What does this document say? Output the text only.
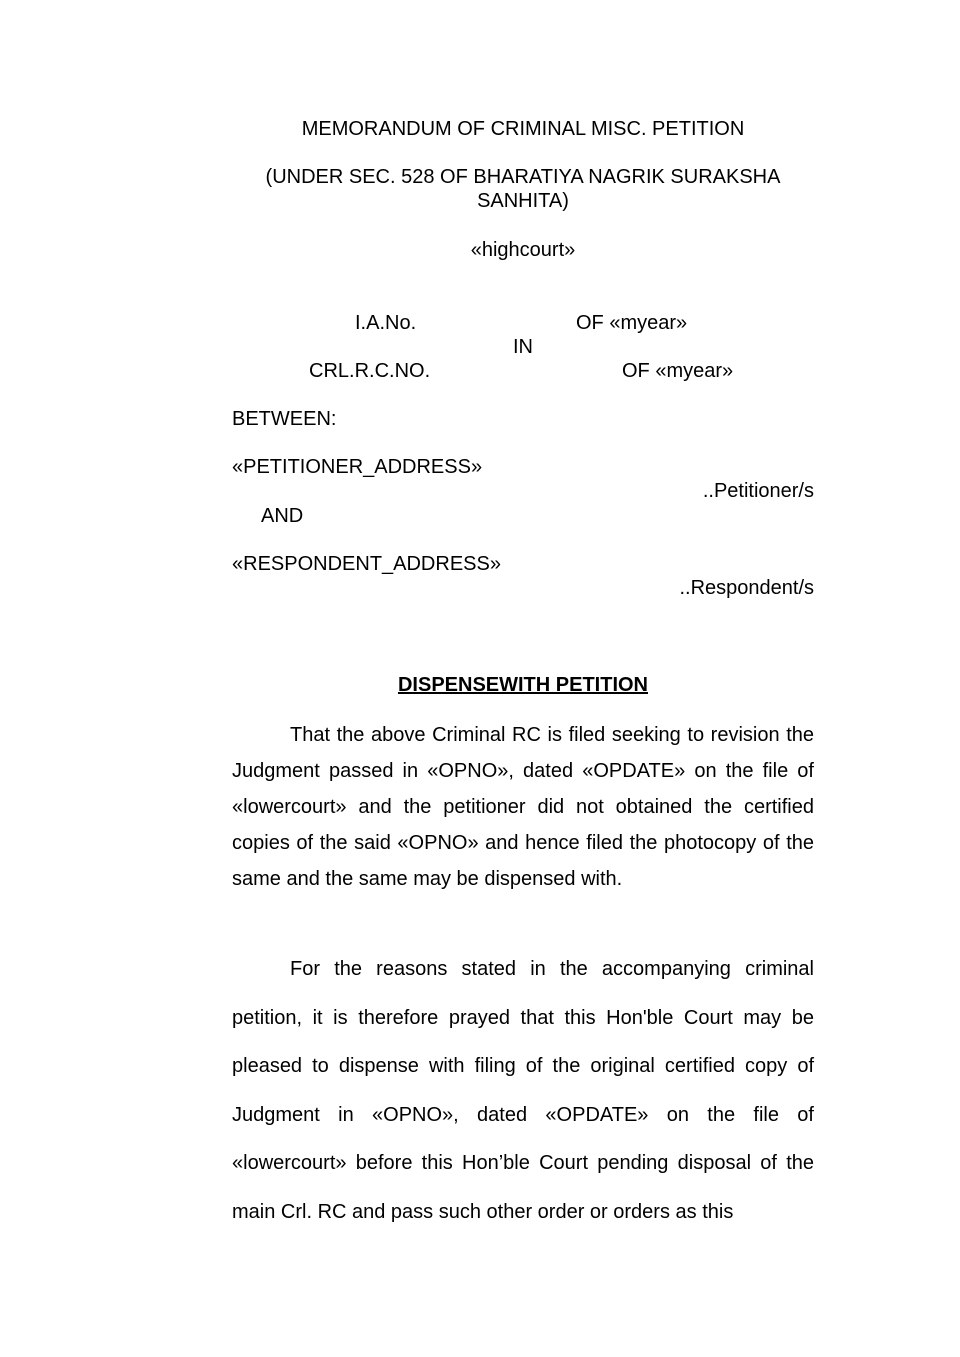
MEMORANDUM OF CRIMINAL MISC. PETITION
(UNDER SEC. 528 OF BHARATIYA NAGRIK SURAKSHA SANHITA)
«highcourt»
I.A.No.	OF «myear»
IN
CRL.R.C.NO.	OF «myear»
BETWEEN:
«PETITIONER_ADDRESS»
..Petitioner/s
AND
«RESPONDENT_ADDRESS»
..Respondent/s
DISPENSEWITH PETITION
That the above Criminal RC is filed seeking to revision the Judgment passed in «OPNO», dated «OPDATE» on the file of «lowercourt» and the petitioner did not obtained the certified copies of the said «OPNO» and hence filed the photocopy of the same and the same may be dispensed with.
For the reasons stated in the accompanying criminal petition, it is therefore prayed that this Hon'ble Court may be pleased to dispense with filing of the original certified copy of Judgment in «OPNO», dated «OPDATE» on the file of «lowercourt» before this Hon’ble Court pending disposal of the main Crl. RC and pass such other order or orders as this
